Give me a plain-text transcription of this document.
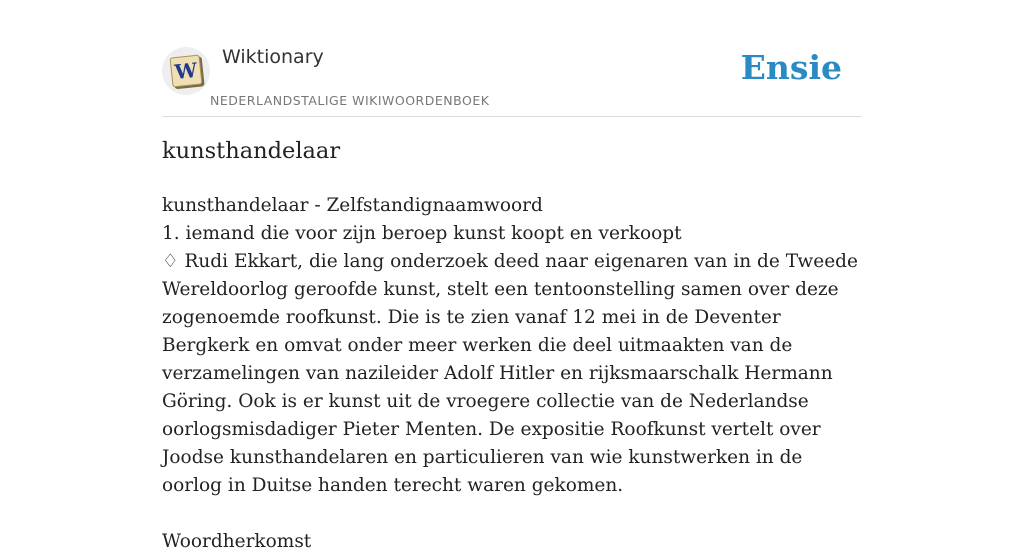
W
Wiktionary
NEDERLANDSTALIGE WIKIWOORDENBOEK
Ensie
kunsthandelaar

kunsthandelaar - Zelfstandignaamwoord

1. iemand die voor zijn beroep kunst koopt en verkoopt

♢ Rudi Ekkart, die lang onderzoek deed naar eigenaren van in de Tweede Wereldoorlog geroofde kunst, stelt een tentoonstelling samen over deze zogenoemde roofkunst. Die is te zien vanaf 12 mei in de Deventer Bergkerk en omvat onder meer werken die deel uitmaakten van de verzamelingen van nazileider Adolf Hitler en rijksmaarschalk Hermann Göring. Ook is er kunst uit de vroegere collectie van de Nederlandse oorlogsmisdadiger Pieter Menten. De expositie Roofkunst vertelt over Joodse kunsthandelaren en particulieren van wie kunstwerken in de oorlog in Duitse handen terecht waren gekomen.

Woordherkomst
